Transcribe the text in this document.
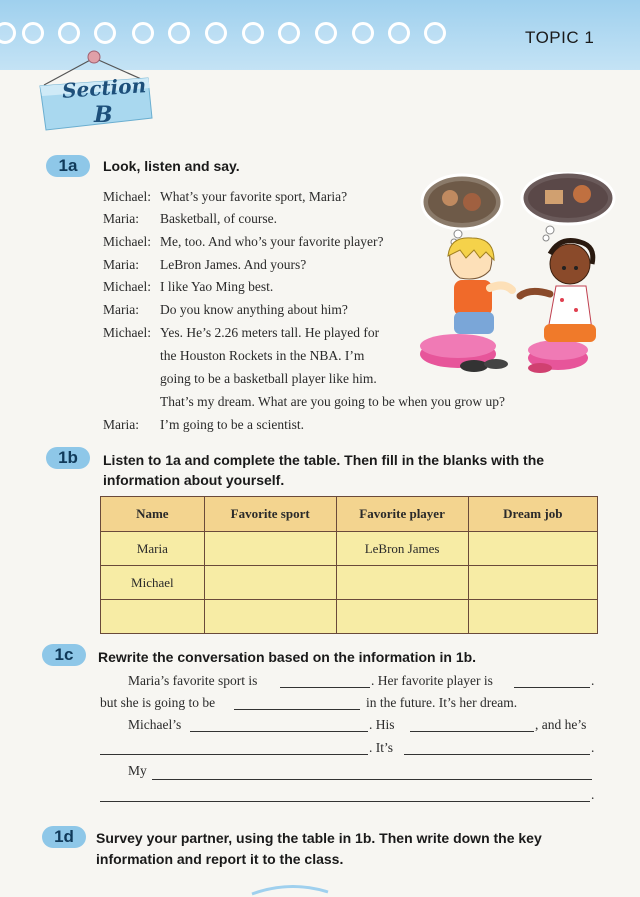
TOPIC 1
Section
B
1a	Look, listen and say.
Michael: What’s your favorite sport, Maria?
Maria: Basketball, of course.
Michael: Me, too. And who’s your favorite player?
Maria: LeBron James. And yours?
Michael: I like Yao Ming best.
Maria: Do you know anything about him?
Michael: Yes. He’s 2.26 meters tall. He played for
the Houston Rockets in the NBA. I’m
going to be a basketball player like him.
That’s my dream. What are you going to be when you grow up?
Maria: I’m going to be a scientist.
1b	Listen to 1a and complete the table. Then fill in the blanks with the
information about yourself.
Name	Favorite sport	Favorite player	Dream job
Maria		LeBron James	
Michael			

1c	Rewrite the conversation based on the information in 1b.
Maria’s favorite sport is	. Her favorite player is	.
but she is going to be	in the future. It’s her dream.
Michael’s	. His	, and he’s
. It’s	.
My
.
1d	Survey your partner, using the table in 1b. Then write down the key
information and report it to the class.
